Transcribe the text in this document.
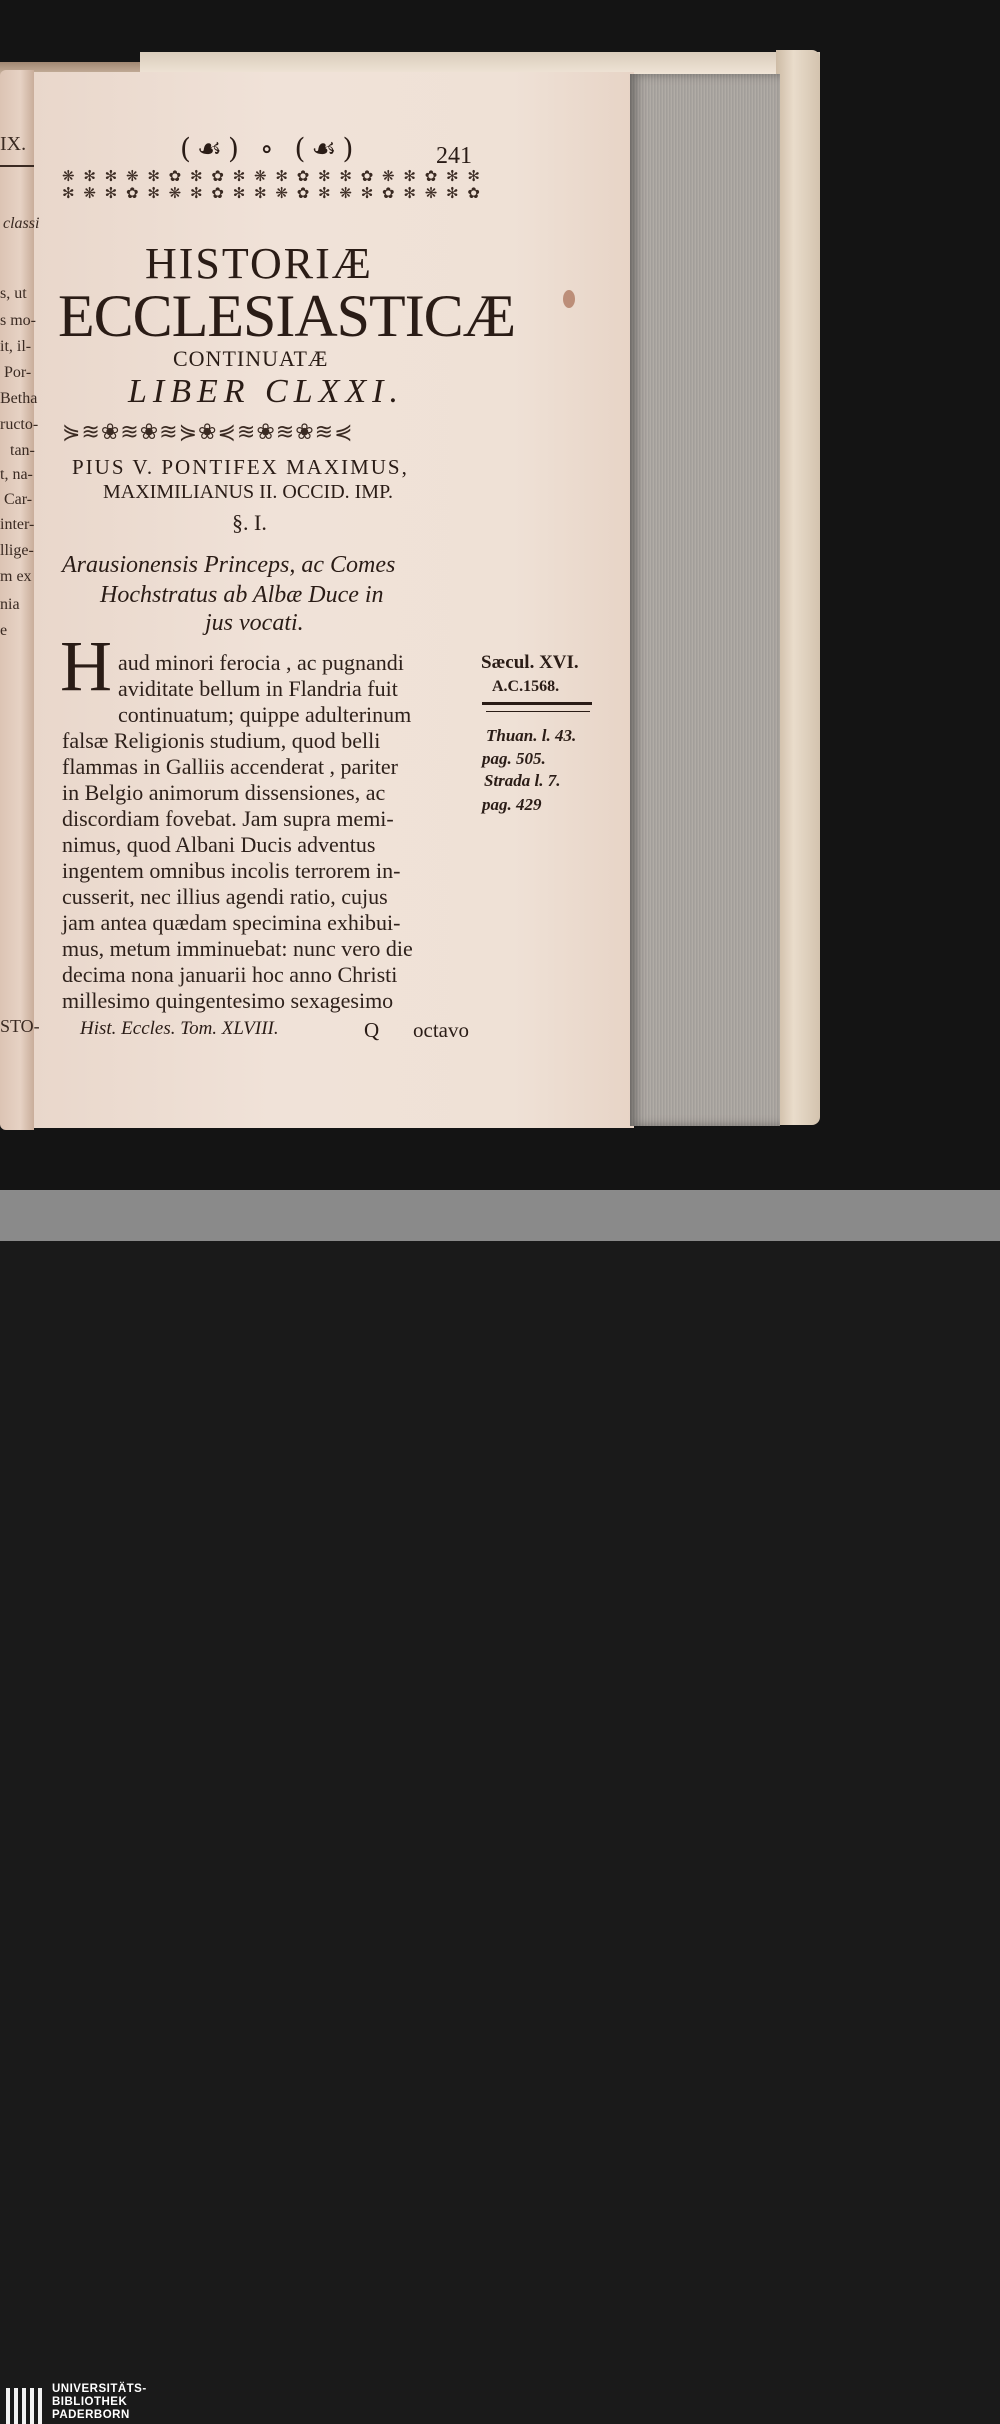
IX.
classi
s, ut
s mo-
it, il-
Por-
Betha
ructo-
tan-
t, na-
Car-
inter-
llige-
m ex
nia
e
STO-
(☙) ∘ (☙)	241
❋ ✻ ✻ ❋ ✻ ✿ ✻ ✿ ✻ ❋ ✻ ✿ ✻ ✻ ✿ ❋ ✻ ✿ ✻ ✻
✻ ❋ ✻ ✿ ✻ ❋ ✻ ✿ ✻ ✻ ❋ ✿ ✻ ❋ ✻ ✿ ✻ ❋ ✻ ✿
HISTORIÆ
ECCLESIASTICÆ
CONTINUATÆ
LIBER CLXXI.
⋟≋❀≋❀≋⋟❀⋞≋❀≋❀≋⋞
PIUS V. PONTIFEX MAXIMUS,
MAXIMILIANUS II. OCCID. IMP.
§. I.
Arausionensis Princeps, ac Comes
Hochstratus ab Albæ Duce in
jus vocati.
H aud minori ferocia , ac pugnandi
aviditate bellum in Flandria fuit
continuatum; quippe adulterinum
falsæ Religionis studium, quod belli
flammas in Galliis accenderat , pariter
in Belgio animorum dissensiones, ac
discordiam fovebat. Jam supra memi-
nimus, quod Albani Ducis adventus
ingentem omnibus incolis terrorem in-
cusserit, nec illius agendi ratio, cujus
jam antea quædam specimina exhibui-
mus, metum imminuebat: nunc vero die
decima nona januarii hoc anno Christi
millesimo quingentesimo sexagesimo
Sæcul. XVI.
A.C.1568.
Thuan. l. 43.
pag. 505.
Strada l. 7.
pag. 429
Hist. Eccles. Tom. XLVIII.	Q octavo
UNIVERSITÄTS-
BIBLIOTHEK
PADERBORN
